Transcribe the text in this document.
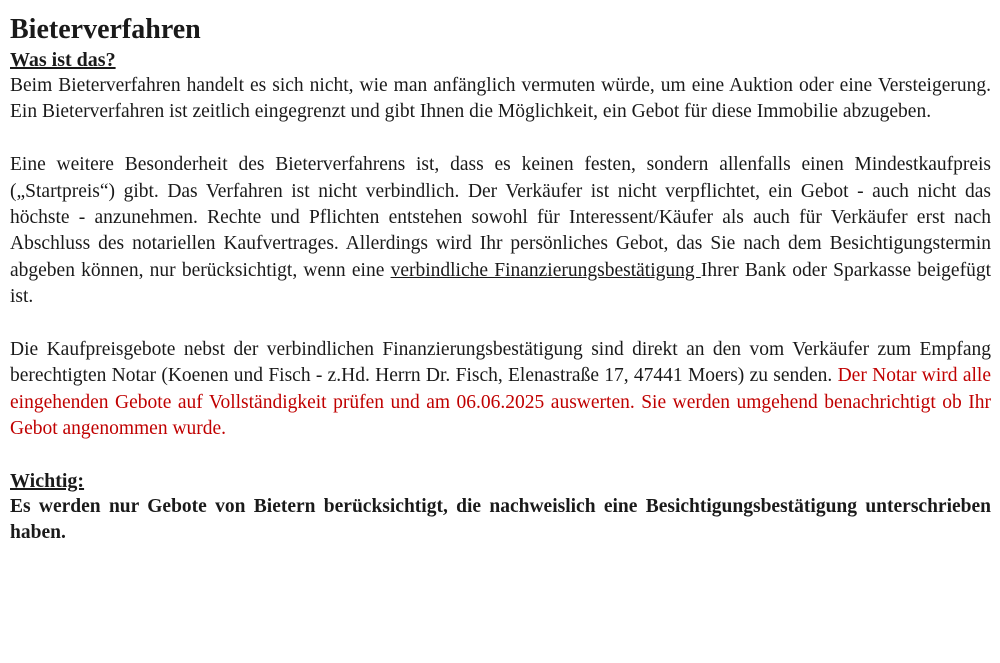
Bieterverfahren
Was ist das?

Beim Bieterverfahren handelt es sich nicht, wie man anfänglich vermuten würde, um eine Auktion oder eine Versteigerung. Ein Bieterverfahren ist zeitlich eingegrenzt und gibt Ihnen die Möglichkeit, ein Gebot für diese Immobilie abzugeben.

Eine weitere Besonderheit des Bieterverfahrens ist, dass es keinen festen, sondern allenfalls einen Mindestkaufpreis („Startpreis“) gibt. Das Verfahren ist nicht verbindlich. Der Verkäufer ist nicht verpflichtet, ein Gebot - auch nicht das höchste - anzunehmen. Rechte und Pflichten entstehen sowohl für Interessent/Käufer als auch für Verkäufer erst nach Abschluss des notariellen Kaufvertrages. Allerdings wird Ihr persönliches Gebot, das Sie nach dem Besichtigungstermin abgeben können, nur berücksichtigt, wenn eine verbindliche Finanzierungsbestätigung Ihrer Bank oder Sparkasse beigefügt ist.

Die Kaufpreisgebote nebst der verbindlichen Finanzierungsbestätigung sind direkt an den vom Verkäufer zum Empfang berechtigten Notar (Koenen und Fisch - z.Hd. Herrn Dr. Fisch, Elenastraße 17, 47441 Moers) zu senden. Der Notar wird alle eingehenden Gebote auf Vollständigkeit prüfen und am 06.06.2025 auswerten. Sie werden umgehend benachrichtigt ob Ihr Gebot angenommen wurde.

Wichtig:

Es werden nur Gebote von Bietern berücksichtigt, die nachweislich eine Besichtigungsbestätigung unterschrieben haben.
